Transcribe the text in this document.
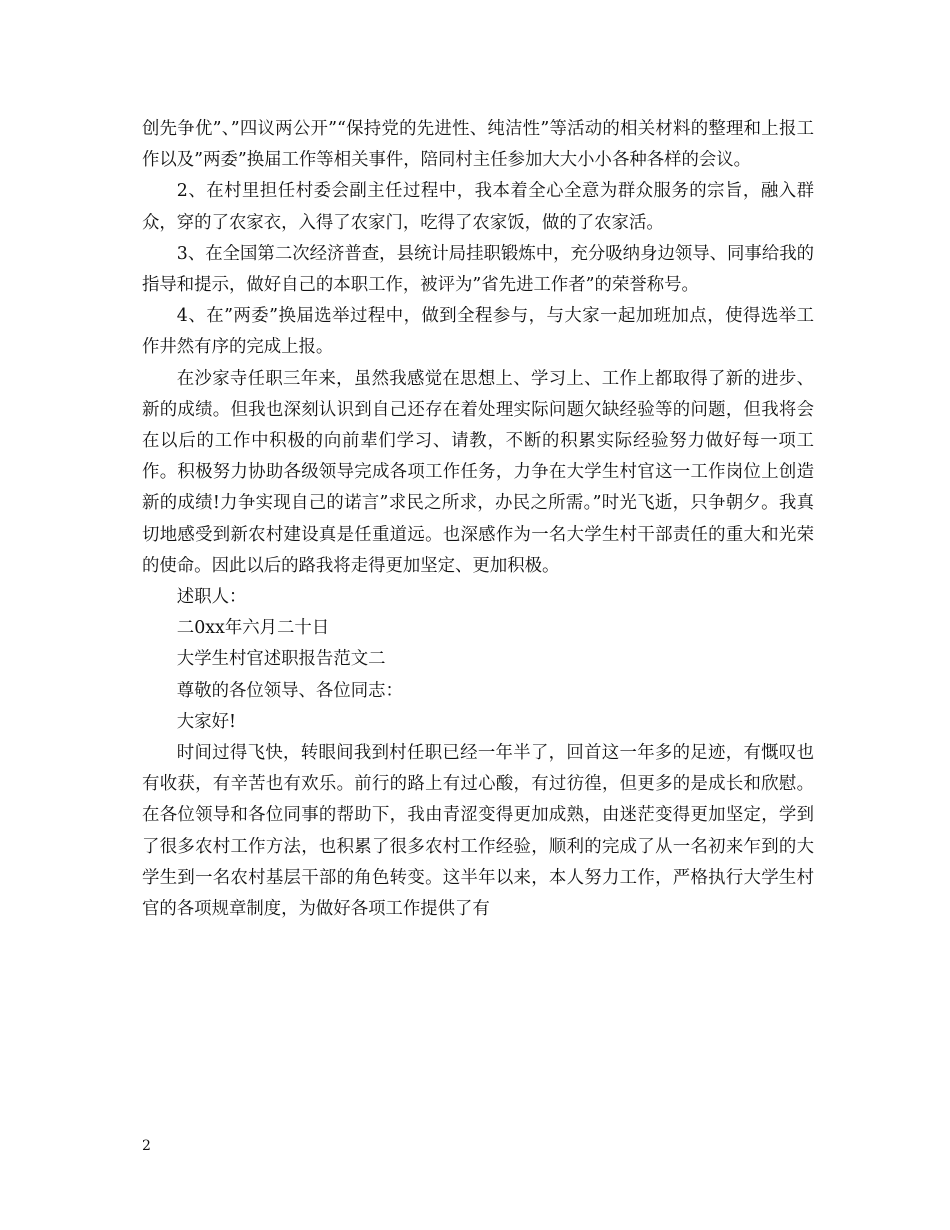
创先争优”、”四议两公开”“保持党的先进性、纯洁性”等活动的相关材料的整理和上报工作以及”两委”换届工作等相关事件，陪同村主任参加大大小小各种各样的会议。

2、在村里担任村委会副主任过程中，我本着全心全意为群众服务的宗旨，融入群众，穿的了农家衣，入得了农家门，吃得了农家饭，做的了农家活。

3、在全国第二次经济普查，县统计局挂职锻炼中，充分吸纳身边领导、同事给我的指导和提示，做好自己的本职工作，被评为”省先进工作者”的荣誉称号。

4、在”两委”换届选举过程中，做到全程参与，与大家一起加班加点，使得选举工作井然有序的完成上报。

在沙家寺任职三年来，虽然我感觉在思想上、学习上、工作上都取得了新的进步、新的成绩。但我也深刻认识到自己还存在着处理实际问题欠缺经验等的问题，但我将会在以后的工作中积极的向前辈们学习、请教，不断的积累实际经验努力做好每一项工作。积极努力协助各级领导完成各项工作任务，力争在大学生村官这一工作岗位上创造新的成绩!力争实现自己的诺言”求民之所求，办民之所需。”时光飞逝，只争朝夕。我真切地感受到新农村建设真是任重道远。也深感作为一名大学生村干部责任的重大和光荣的使命。因此以后的路我将走得更加坚定、更加积极。

述职人：

二0xx年六月二十日

大学生村官述职报告范文二

尊敬的各位领导、各位同志：

大家好!

时间过得飞快，转眼间我到村任职已经一年半了，回首这一年多的足迹，有慨叹也有收获，有辛苦也有欢乐。前行的路上有过心酸，有过彷徨，但更多的是成长和欣慰。在各位领导和各位同事的帮助下，我由青涩变得更加成熟，由迷茫变得更加坚定，学到了很多农村工作方法，也积累了很多农村工作经验，顺利的完成了从一名初来乍到的大学生到一名农村基层干部的角色转变。这半年以来，本人努力工作，严格执行大学生村官的各项规章制度，为做好各项工作提供了有

2
